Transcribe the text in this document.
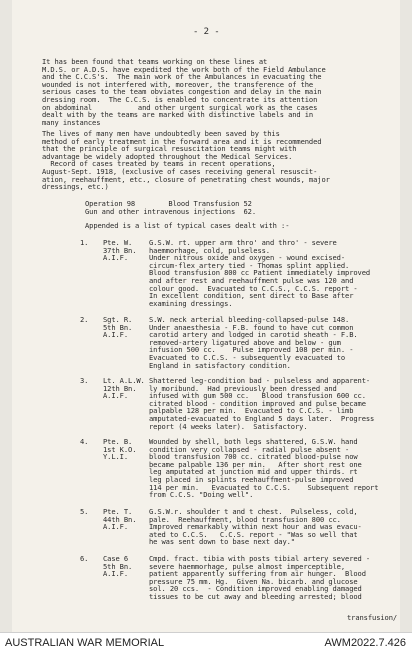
- 2 -
It has been found that teams working on these lines at
M.D.S. or A.D.S. have expedited the work both of the Field Ambulance
and the C.C.S's.  The main work of the Ambulances in evacuating the
wounded is not interfered with, moreover, the transference of the
serious cases to the team obviates congestion and delay in the main
dressing room.  The C.C.S. is enabled to concentrate its attention
on abdominal           and other urgent surgical work as the cases
dealt with by the teams are marked with distinctive labels and in
many instances
The lives of many men have undoubtedly been saved by this
method of early treatment in the forward area and it is recommended
that the principle of surgical resuscitation teams might with
advantage be widely adopted throughout the Medical Services.
Record of cases treated by teams in recent operations,
August-Sept. 1918, (exclusive of cases receiving general resuscit-
ation, reehauffment, etc., closure of penetrating chest wounds, major
dressings, etc.)
Operation 98        Blood Transfusion 52
Gun and other intravenous injections  62.
Appended is a list of typical cases dealt with :-
1. Pte. W.
37th Bn.
A.I.F.
G.S.W. rt. upper arm thro' and thro' - severe
haemmorhage, cold, pulseless.
Under nitrous oxide and oxygen - wound excised-
circum-flex artery tied - Thomas splint applied.
Blood transfusion 800 cc Patient immediately improved
and after rest and reehauffment pulse was 120 and
colour good.  Evacuated to C.C.S., C.C.S. report -
In excellent condition, sent direct to Base after
examining dressings.
2. Sgt. R.
5th Bn.
A.I.F.
S.W. neck arterial bleeding-collapsed-pulse 148.
Under anaesthesia - F.B. found to have cut common
carotid artery and lodged in carotid sheath - F.B.
removed-artery ligatured above and below - gum
infusion 500 cc.    Pulse improved 108 per min. -
Evacuated to C.C.S. - subsequently evacuated to
England in satisfactory condition.
3. Lt. A.L.W.
12th Bn.
A.I.F.
Shattered leg-condition bad - pulseless and apparent-
ly moribund.  Had previously been dressed and
infused with gum 500 cc.   Blood transfusion 600 cc.
citrated blood - condition improved and pulse became
palpable 128 per min.  Evacuated to C.C.S. - limb
amputated-evacuated to England 5 days later.  Progress
report (4 weeks later).  Satisfactory.
4. Pte. B.
1st K.O.
Y.L.I.
Wounded by shell, both legs shattered, G.S.W. hand
condition very collapsed - radial pulse absent -
blood transfusion 700 cc. citrated blood-pulse now
became palpable 136 per min.   After short rest one
leg amputated at junction mid and upper thirds. rt
leg placed in splints reehauffment-pulse improved
114 per min.   Evacuated to C.C.S.    Subsequent report
from C.C.S. "Doing well".
5. Pte. T.
44th Bn.
A.I.F.
G.S.W.r. shoulder t and t chest.  Pulseless, cold,
pale.  Reehauffment, blood transfusion 800 cc.
Improved remarkably within next hour and was evacu-
ated to C.C.S.   C.C.S. report - "Was so well that
he was sent down to base next day."
6. Case 6
5th Bn.
A.I.F.
Cmpd. fract. tibia with posts tibial artery severed -
severe haemmorhage, pulse almost imperceptible,
patient apparently suffering from air hunger.  Blood
pressure 75 mm. Hg.  Given Na. bicarb. and glucose
sol. 20 ccs.  - Condition improved enabling damaged
tissues to be cut away and bleeding arrested; blood
transfusion/
AUSTRALIAN WAR MEMORIAL	AWM2022.7.426
